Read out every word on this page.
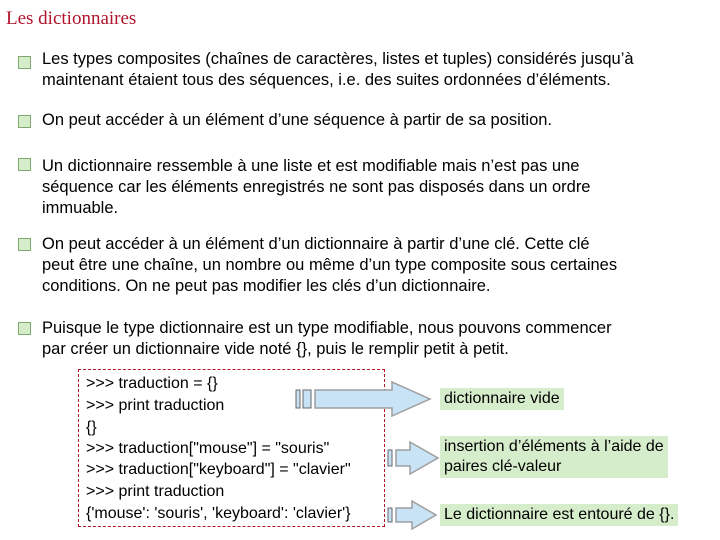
Les dictionnaires
Les types composites (chaînes de caractères, listes et tuples) considérés jusqu’à
maintenant étaient tous des séquences, i.e. des suites ordonnées d’éléments.
On peut accéder à un élément d’une séquence à partir de sa position.
Un dictionnaire ressemble à une liste et est modifiable mais n’est pas une
séquence car les éléments enregistrés ne sont pas disposés dans un ordre
immuable.
On peut accéder à un élément d’un dictionnaire à partir d’une clé. Cette clé
peut être une chaîne, un nombre ou même d’un type composite sous certaines
conditions. On ne peut pas modifier les clés d’un dictionnaire.
Puisque le type dictionnaire est un type modifiable, nous pouvons commencer
par créer un dictionnaire vide noté {}, puis le remplir petit à petit.
>>> traduction = {}
>>> print traduction
{}
>>> traduction["mouse"] = "souris"
>>> traduction["keyboard"] = "clavier"
>>> print traduction
{'mouse': 'souris', 'keyboard': 'clavier'}
dictionnaire vide
insertion d’éléments à l’aide de
paires clé-valeur
Le dictionnaire est entouré de {}.
